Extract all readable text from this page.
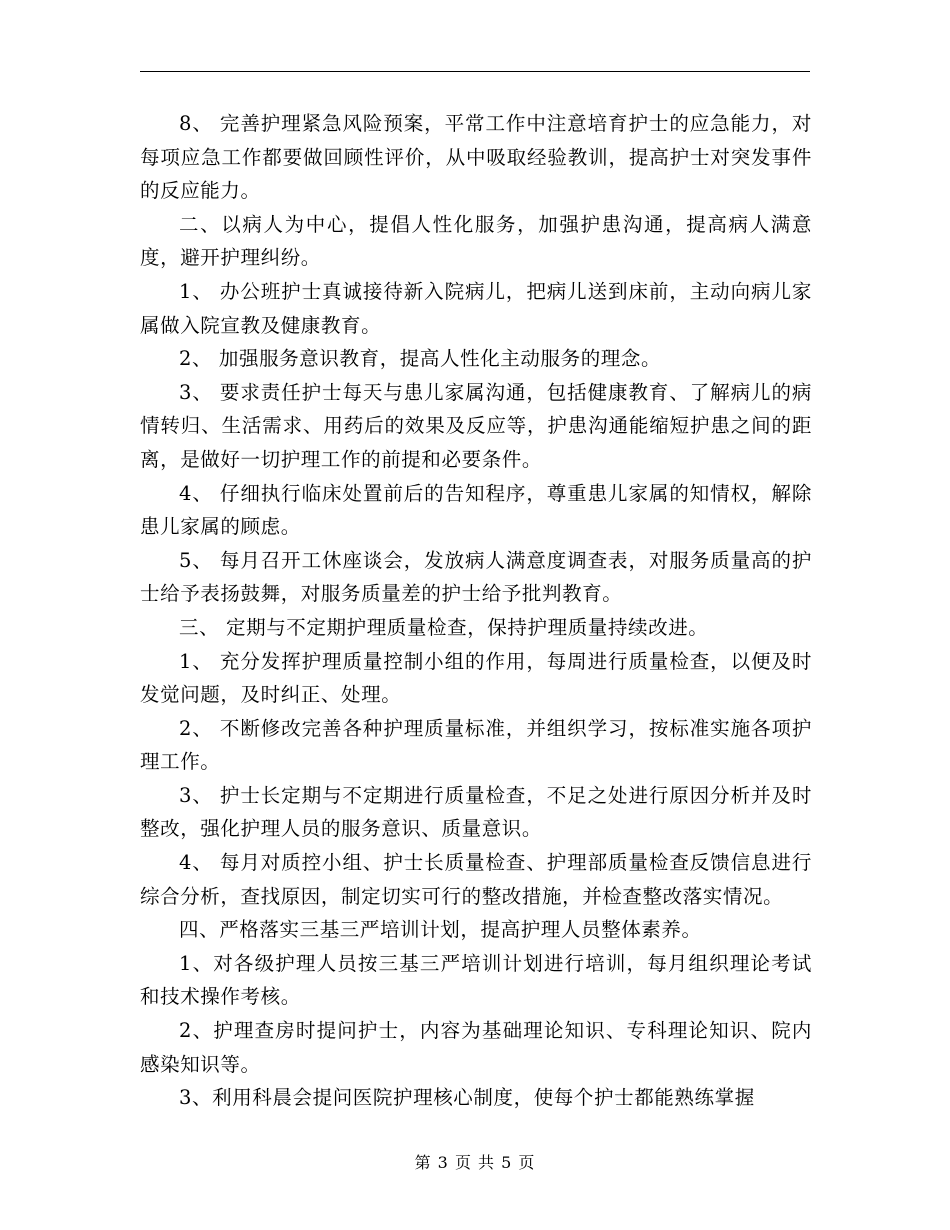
8、 完善护理紧急风险预案，平常工作中注意培育护士的应急能力，对每项应急工作都要做回顾性评价，从中吸取经验教训，提高护士对突发事件的反应能力。

二、以病人为中心，提倡人性化服务，加强护患沟通，提高病人满意度，避开护理纠纷。

1、 办公班护士真诚接待新入院病儿，把病儿送到床前，主动向病儿家属做入院宣教及健康教育。

2、 加强服务意识教育，提高人性化主动服务的理念。

3、 要求责任护士每天与患儿家属沟通，包括健康教育、了解病儿的病情转归、生活需求、用药后的效果及反应等，护患沟通能缩短护患之间的距离，是做好一切护理工作的前提和必要条件。

4、 仔细执行临床处置前后的告知程序，尊重患儿家属的知情权，解除患儿家属的顾虑。

5、 每月召开工休座谈会，发放病人满意度调查表，对服务质量高的护士给予表扬鼓舞，对服务质量差的护士给予批判教育。

三、 定期与不定期护理质量检查，保持护理质量持续改进。

1、 充分发挥护理质量控制小组的作用，每周进行质量检查，以便及时发觉问题，及时纠正、处理。

2、 不断修改完善各种护理质量标准，并组织学习，按标准实施各项护理工作。

3、 护士长定期与不定期进行质量检查，不足之处进行原因分析并及时整改，强化护理人员的服务意识、质量意识。

4、 每月对质控小组、护士长质量检查、护理部质量检查反馈信息进行综合分析，查找原因，制定切实可行的整改措施，并检查整改落实情况。

四、严格落实三基三严培训计划，提高护理人员整体素养。

1、对各级护理人员按三基三严培训计划进行培训，每月组织理论考试和技术操作考核。

2、护理查房时提问护士，内容为基础理论知识、专科理论知识、院内感染知识等。

3、利用科晨会提问医院护理核心制度，使每个护士都能熟练掌握

第 3 页 共 5 页
